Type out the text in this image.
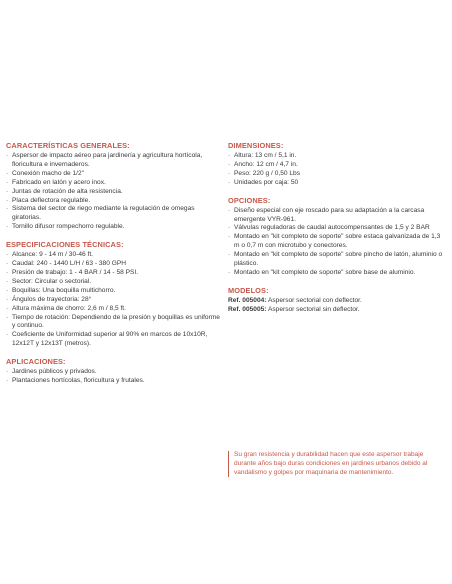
CARACTERÍSTICAS GENERALES:
· Aspersor de impacto aéreo para jardinería y agricultura hortícola, floricultura e invernaderos.
· Conexión macho de 1/2"
· Fabricado en latón y acero inox.
· Juntas de rotación de alta resistencia.
· Placa deflectora regulable.
· Sistema del sector de riego mediante la regulación de omegas giratorias.
· Tornillo difusor rompechorro regulable.
ESPECIFICACIONES TÉCNICAS:
· Alcance: 9 - 14 m / 30-46 ft.
· Caudal: 240 - 1440 L/H / 63 - 380 GPH
· Presión de trabajo: 1 - 4 BAR / 14 - 58 PSI.
· Sector: Circular o sectorial.
· Boquillas: Una boquilla multichorro.
· Ángulos de trayectoria: 28°
· Altura máxima de chorro: 2,6 m / 8,5 ft.
· Tiempo de rotación: Dependiendo de la presión y boquillas es uniforme y continuo.
· Coeficiente de Uniformidad superior al 90% en marcos de 10x10R, 12x12T y 12x13T (metros).
APLICACIONES:
· Jardines públicos y privados.
· Plantaciones hortícolas, floricultura y frutales.
DIMENSIONES:
· Altura: 13 cm / 5,1 in.
· Ancho: 12 cm / 4,7 in.
· Peso: 220 g / 0,50 Lbs
· Unidades por caja: 50
OPCIONES:
· Diseño especial con eje roscado para su adaptación a la carcasa emergente VYR-961.
· Válvulas reguladoras de caudal autocompensantes de 1,5 y 2 BAR
· Montado en "kit completo de soporte" sobre estaca galvanizada de 1,3 m o 0,7 m con microtubo y conectores.
· Montado en "kit completo de soporte" sobre pincho de latón, aluminio o plástico.
· Montado en "kit completo de soporte" sobre base de aluminio.
MODELOS:
Ref. 005004: Aspersor sectorial con deflector.
Ref. 005005: Aspersor sectorial sin deflector.
Su gran resistencia y durabilidad hacen que este aspersor trabaje durante años bajo duras condiciones en jardines urbanos debido al vandalismo y golpes por maquinaria de mantenimiento.
